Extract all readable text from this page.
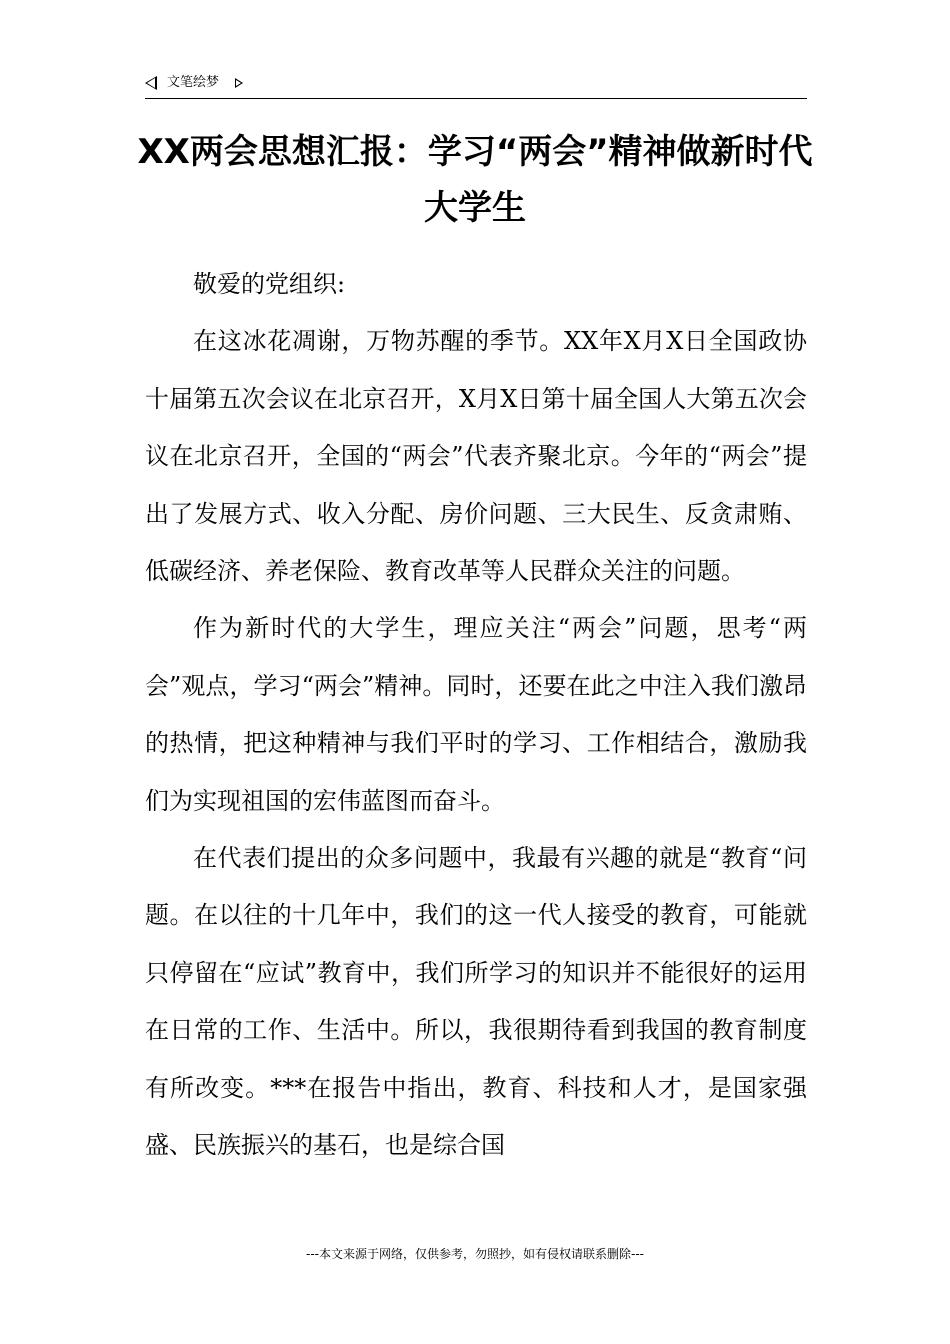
文笔绘梦
XX两会思想汇报：学习“两会”精神做新时代大学生

敬爱的党组织:

在这冰花凋谢，万物苏醒的季节。XX年X月X日全国政协十届第五次会议在北京召开，X月X日第十届全国人大第五次会议在北京召开，全国的“两会”代表齐聚北京。今年的“两会”提出了发展方式、收入分配、房价问题、三大民生、反贪肃贿、低碳经济、养老保险、教育改革等人民群众关注的问题。

作为新时代的大学生，理应关注“两会”问题，思考“两会”观点，学习“两会”精神。同时，还要在此之中注入我们激昂的热情，把这种精神与我们平时的学习、工作相结合，激励我们为实现祖国的宏伟蓝图而奋斗。

在代表们提出的众多问题中，我最有兴趣的就是“教育“问题。在以往的十几年中，我们的这一代人接受的教育，可能就只停留在“应试”教育中，我们所学习的知识并不能很好的运用在日常的工作、生活中。所以，我很期待看到我国的教育制度有所改变。***在报告中指出，教育、科技和人才，是国家强盛、民族振兴的基石，也是综合国

---本文来源于网络，仅供参考，勿照抄，如有侵权请联系删除---
